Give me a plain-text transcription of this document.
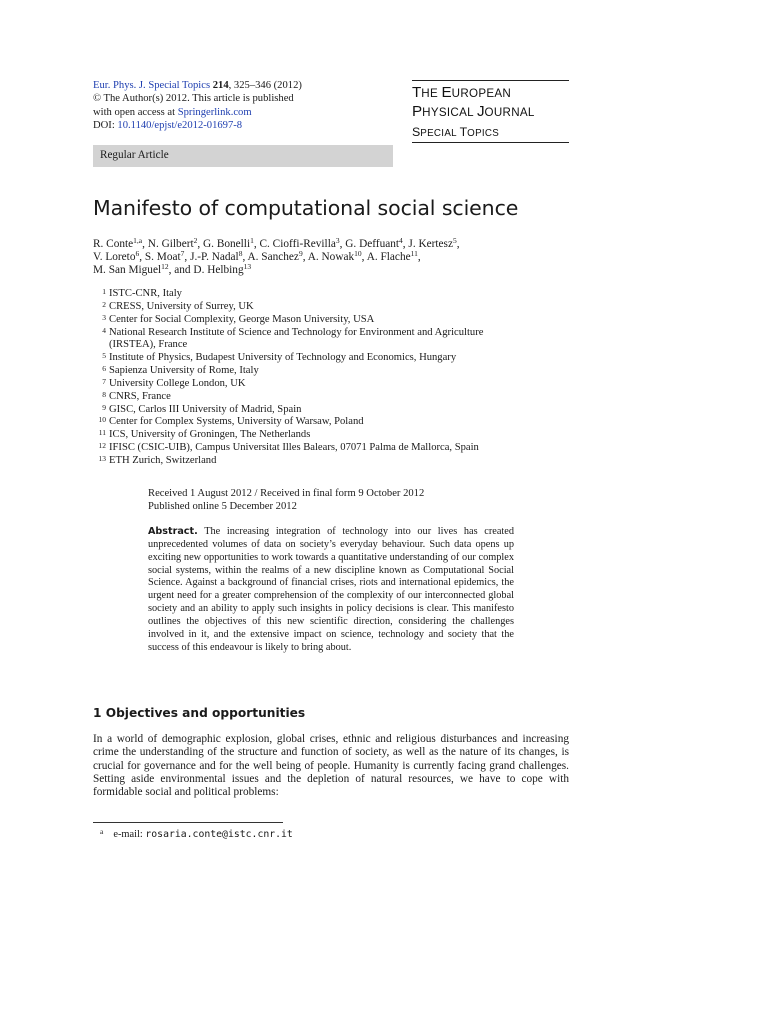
Eur. Phys. J. Special Topics 214, 325–346 (2012)
© The Author(s) 2012. This article is published
with open access at Springerlink.com
DOI: 10.1140/epjst/e2012-01697-8
THE EUROPEAN
PHYSICAL JOURNAL
SPECIAL TOPICS
Regular Article
Manifesto of computational social science
R. Conte$^{1,a}$, N. Gilbert$^2$, G. Bonelli$^1$, C. Cioffi-Revilla$^3$, G. Deffuant$^4$, J. Kertesz$^5$,
V. Loreto$^6$, S. Moat$^7$, J.-P. Nadal$^8$, A. Sanchez$^9$, A. Nowak$^{10}$, A. Flache$^{11}$,
M. San Miguel$^{12}$, and D. Helbing$^{13}$
1 ISTC-CNR, Italy
2 CRESS, University of Surrey, UK
3 Center for Social Complexity, George Mason University, USA
4 National Research Institute of Science and Technology for Environment and Agriculture
(IRSTEA), France
5 Institute of Physics, Budapest University of Technology and Economics, Hungary
6 Sapienza University of Rome, Italy
7 University College London, UK
8 CNRS, France
9 GISC, Carlos III University of Madrid, Spain
10 Center for Complex Systems, University of Warsaw, Poland
11 ICS, University of Groningen, The Netherlands
12 IFISC (CSIC-UIB), Campus Universitat Illes Balears, 07071 Palma de Mallorca, Spain
13 ETH Zurich, Switzerland
Received 1 August 2012 / Received in final form 9 October 2012
Published online 5 December 2012
Abstract. The increasing integration of technology into our lives has created unprecedented volumes of data on society’s everyday behaviour. Such data opens up exciting new opportunities to work towards a quantitative understanding of our complex social systems, within the realms of a new discipline known as Computational Social Science. Against a background of financial crises, riots and international epidemics, the urgent need for a greater comprehension of the complexity of our interconnected global society and an ability to apply such insights in policy decisions is clear. This manifesto outlines the objectives of this new scientific direction, considering the challenges involved in it, and the extensive impact on science, technology and society that the success of this endeavour is likely to bring about.
1 Objectives and opportunities
In a world of demographic explosion, global crises, ethnic and religious disturbances and increasing crime the understanding of the structure and function of society, as well as the nature of its changes, is crucial for governance and for the well being of people. Humanity is currently facing grand challenges. Setting aside environmental issues and the depletion of natural resources, we have to cope with formidable social and political problems:
$^a$ e-mail: rosaria.conte@istc.cnr.it
